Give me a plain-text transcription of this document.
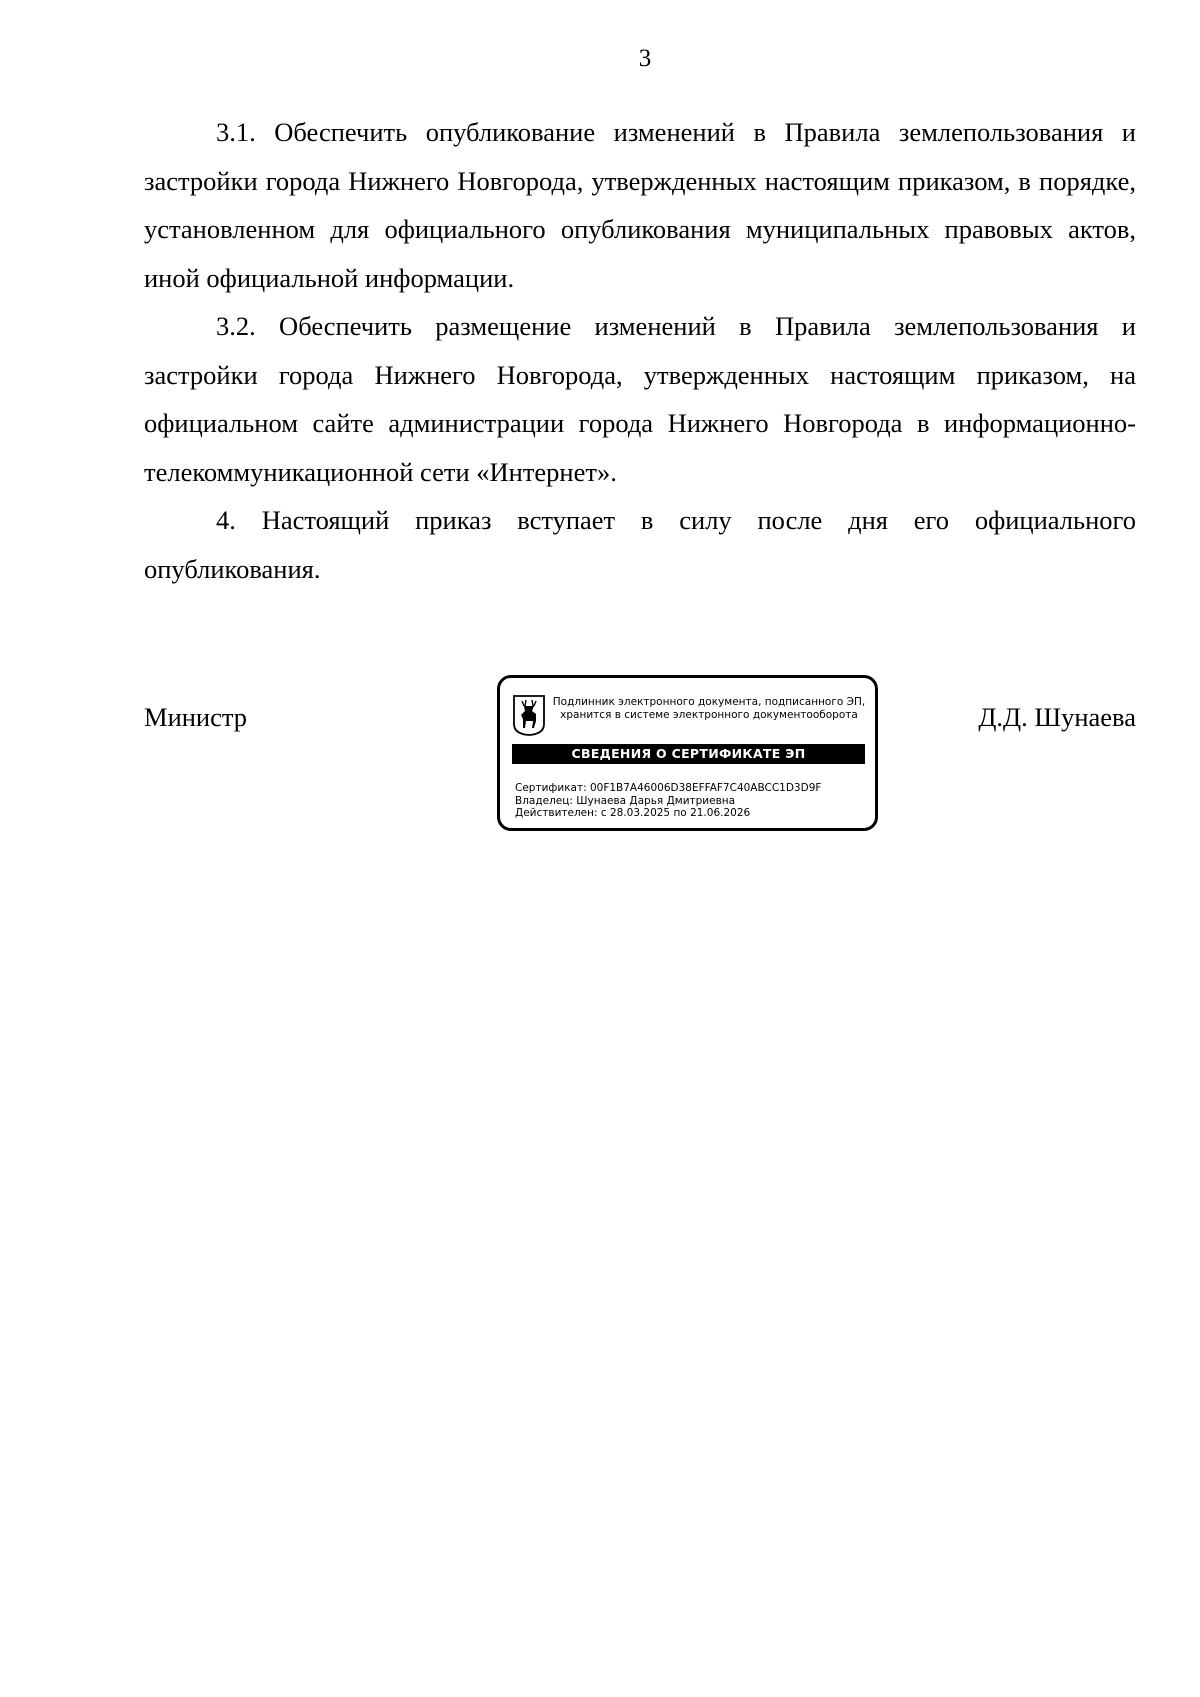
3

3.1. Обеспечить опубликование изменений в Правила землепользования и застройки города Нижнего Новгорода, утвержденных настоящим приказом, в порядке, установленном для официального опубликования муниципальных правовых актов, иной официальной информации.

3.2. Обеспечить размещение изменений в Правила землепользования и застройки города Нижнего Новгорода, утвержденных настоящим приказом, на официальном сайте администрации города Нижнего Новгорода в информационно-телекоммуникационной сети «Интернет».

4. Настоящий приказ вступает в силу после дня его официального опубликования.

Министр	Подлинник электронного документа, подписанного ЭП,
хранится в системе электронного документооборота
СВЕДЕНИЯ О СЕРТИФИКАТЕ ЭП
Сертификат: 00F1B7A46006D38EFFAF7C40ABCC1D3D9F
Владелец: Шунаева Дарья Дмитриевна
Действителен: с 28.03.2025 по 21.06.2026
Д.Д. Шунаева
